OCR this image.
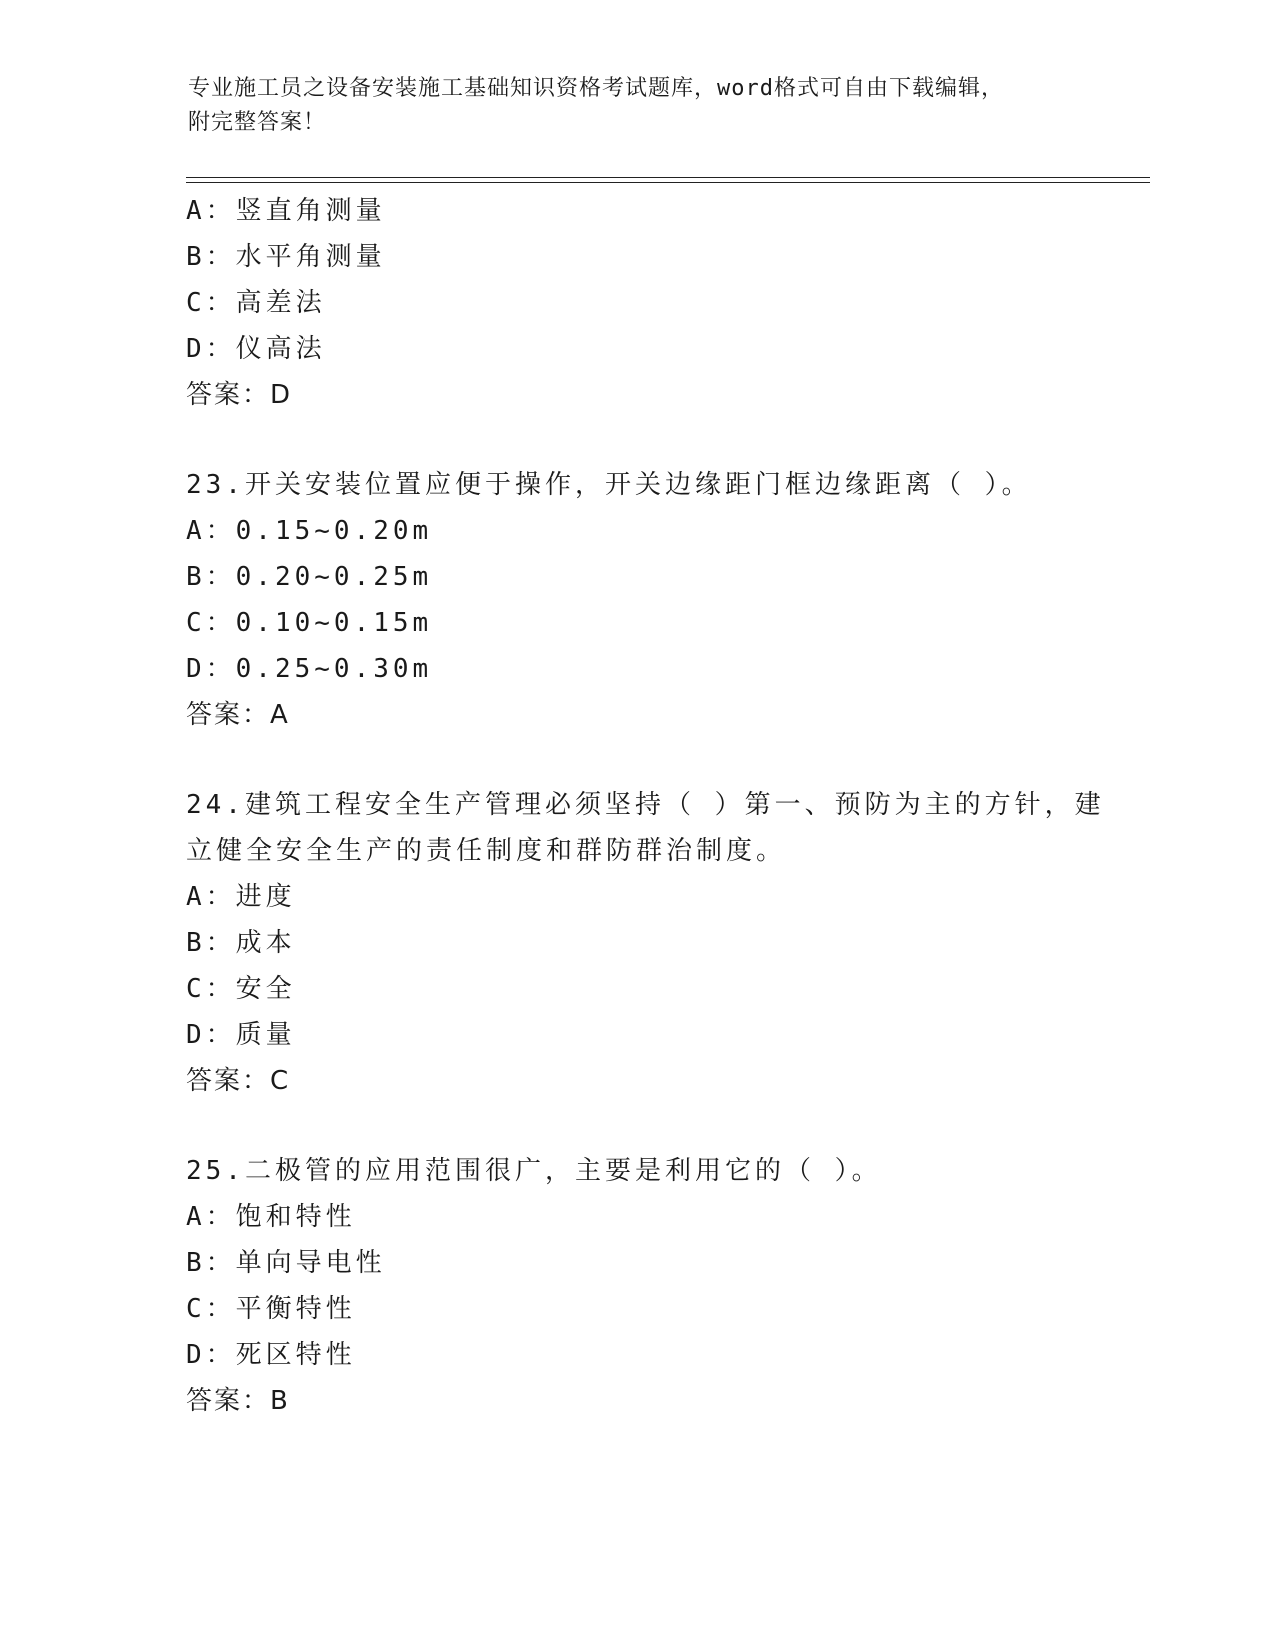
专业施工员之设备安装施工基础知识资格考试题库，word格式可自由下载编辑，
附完整答案！
A：竖直角测量
B：水平角测量
C：高差法
D：仪高法
答案：D
23.开关安装位置应便于操作，开关边缘距门框边缘距离（ ）。
A：0.15~0.20m
B：0.20~0.25m
C：0.10~0.15m
D：0.25~0.30m
答案：A
24.建筑工程安全生产管理必须坚持（ ）第一、预防为主的方针，建
立健全安全生产的责任制度和群防群治制度。
A：进度
B：成本
C：安全
D：质量
答案：C
25.二极管的应用范围很广，主要是利用它的（ ）。
A：饱和特性
B：单向导电性
C：平衡特性
D：死区特性
答案：B
